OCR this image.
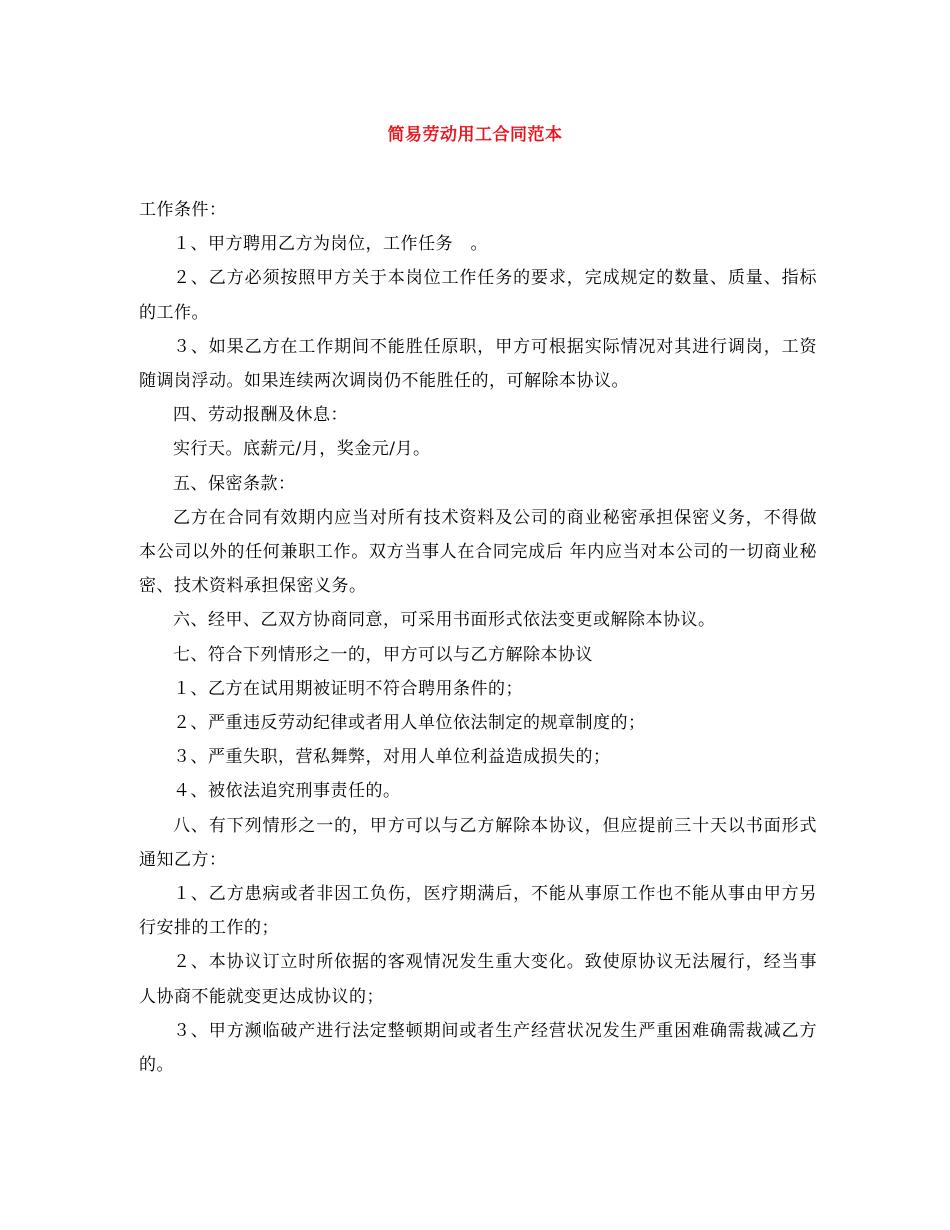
简易劳动用工合同范本

工作条件：

１、甲方聘用乙方为岗位，工作任务　。

２、乙方必须按照甲方关于本岗位工作任务的要求，完成规定的数量、质量、指标的工作。

３、如果乙方在工作期间不能胜任原职，甲方可根据实际情况对其进行调岗，工资随调岗浮动。如果连续两次调岗仍不能胜任的，可解除本协议。

四、劳动报酬及休息：

实行天。底薪元/月，奖金元/月。

五、保密条款：

乙方在合同有效期内应当对所有技术资料及公司的商业秘密承担保密义务，不得做本公司以外的任何兼职工作。双方当事人在合同完成后 年内应当对本公司的一切商业秘密、技术资料承担保密义务。

六、经甲、乙双方协商同意，可采用书面形式依法变更或解除本协议。

七、符合下列情形之一的，甲方可以与乙方解除本协议

１、乙方在试用期被证明不符合聘用条件的；

２、严重违反劳动纪律或者用人单位依法制定的规章制度的；

３、严重失职，营私舞弊，对用人单位利益造成损失的；

４、被依法追究刑事责任的。

八、有下列情形之一的，甲方可以与乙方解除本协议，但应提前三十天以书面形式通知乙方：

１、乙方患病或者非因工负伤，医疗期满后，不能从事原工作也不能从事由甲方另行安排的工作的；

２、本协议订立时所依据的客观情况发生重大变化。致使原协议无法履行，经当事人协商不能就变更达成协议的；

３、甲方濒临破产进行法定整顿期间或者生产经营状况发生严重困难确需裁减乙方的。
